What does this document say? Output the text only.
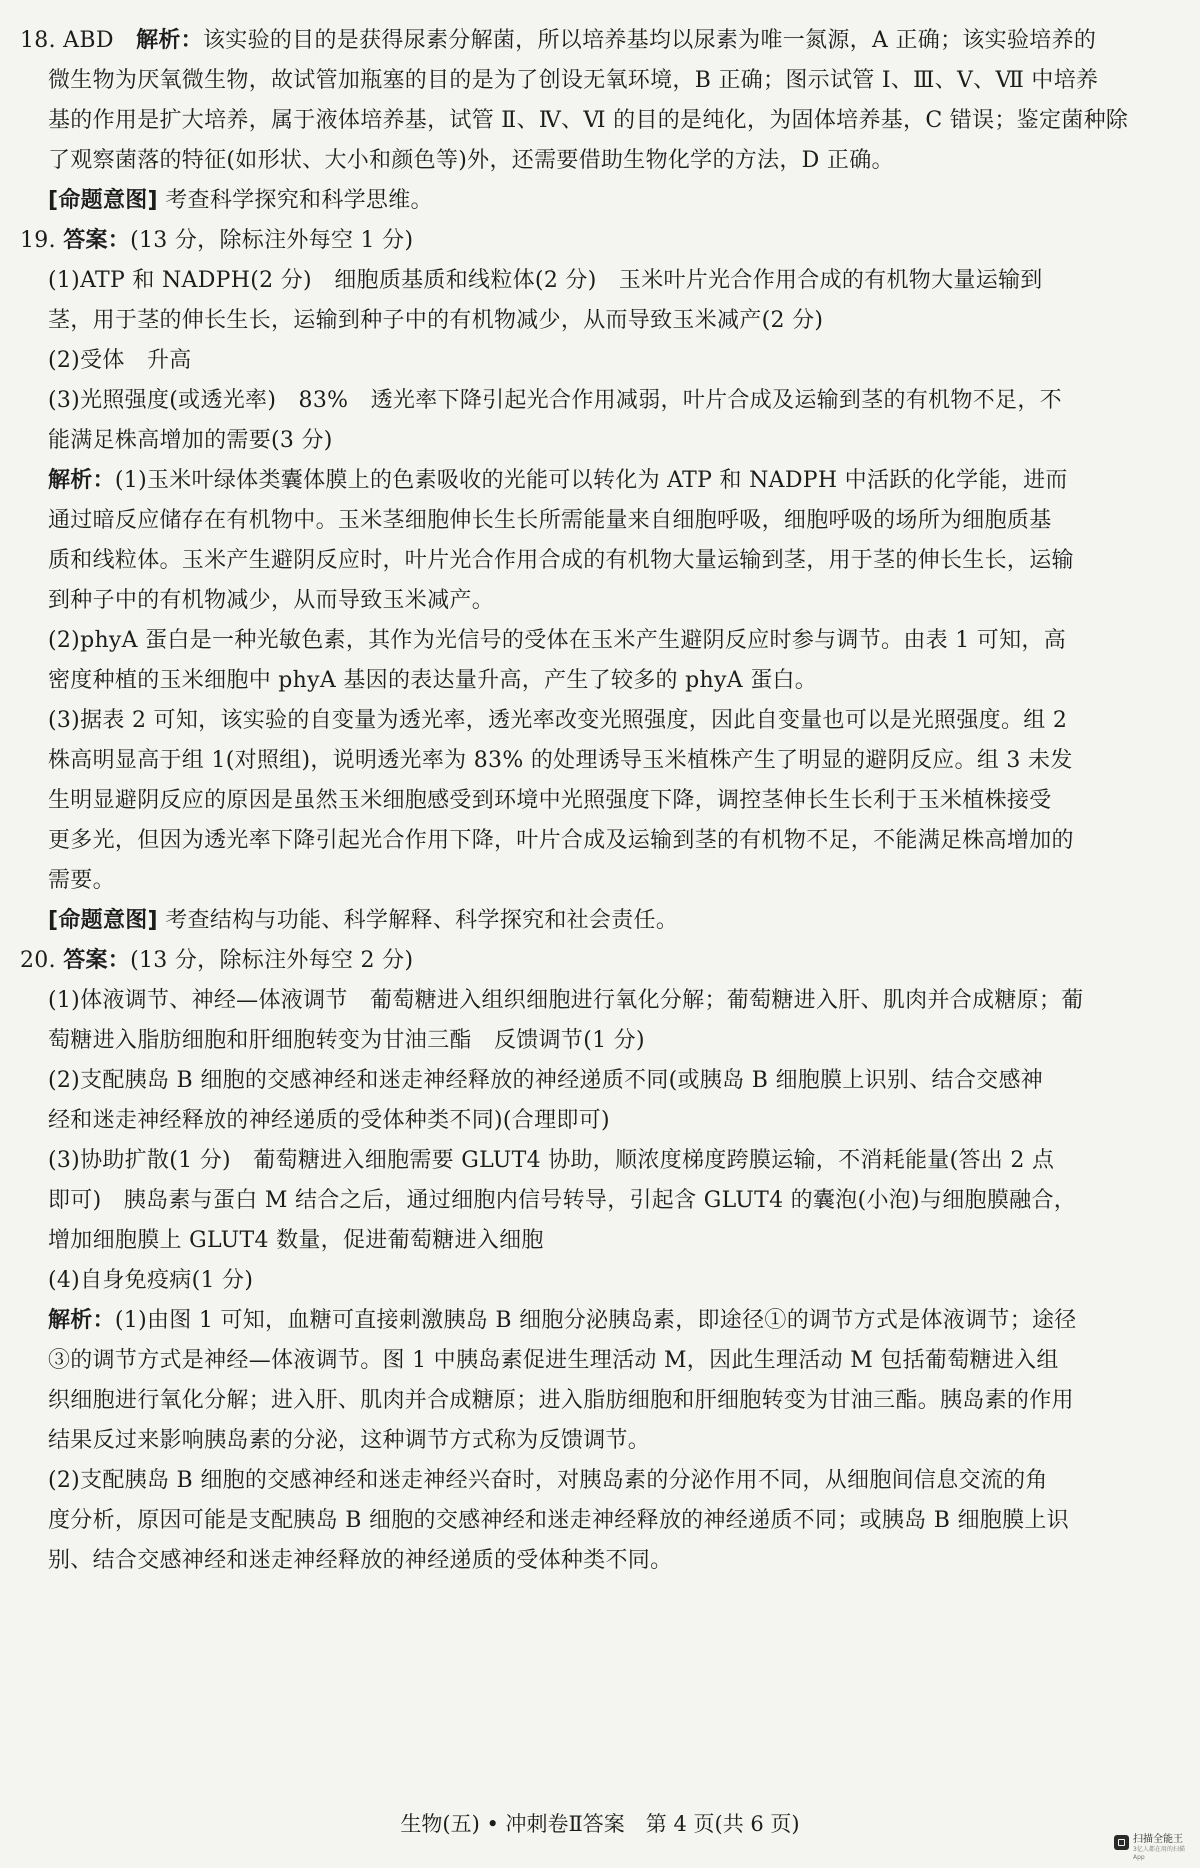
18. ABD　解析：该实验的目的是获得尿素分解菌，所以培养基均以尿素为唯一氮源，A 正确；该实验培养的
微生物为厌氧微生物，故试管加瓶塞的目的是为了创设无氧环境，B 正确；图示试管 Ⅰ、Ⅲ、Ⅴ、Ⅶ 中培养
基的作用是扩大培养，属于液体培养基，试管 Ⅱ、Ⅳ、Ⅵ 的目的是纯化，为固体培养基，C 错误；鉴定菌种除
了观察菌落的特征(如形状、大小和颜色等)外，还需要借助生物化学的方法，D 正确。
[命题意图] 考查科学探究和科学思维。
19. 答案：(13 分，除标注外每空 1 分)
(1)ATP 和 NADPH(2 分)　细胞质基质和线粒体(2 分)　玉米叶片光合作用合成的有机物大量运输到
茎，用于茎的伸长生长，运输到种子中的有机物减少，从而导致玉米减产(2 分)
(2)受体　升高
(3)光照强度(或透光率)　83%　透光率下降引起光合作用减弱，叶片合成及运输到茎的有机物不足，不
能满足株高增加的需要(3 分)
解析：(1)玉米叶绿体类囊体膜上的色素吸收的光能可以转化为 ATP 和 NADPH 中活跃的化学能，进而
通过暗反应储存在有机物中。玉米茎细胞伸长生长所需能量来自细胞呼吸，细胞呼吸的场所为细胞质基
质和线粒体。玉米产生避阴反应时，叶片光合作用合成的有机物大量运输到茎，用于茎的伸长生长，运输
到种子中的有机物减少，从而导致玉米减产。
(2)phyA 蛋白是一种光敏色素，其作为光信号的受体在玉米产生避阴反应时参与调节。由表 1 可知，高
密度种植的玉米细胞中 phyA 基因的表达量升高，产生了较多的 phyA 蛋白。
(3)据表 2 可知，该实验的自变量为透光率，透光率改变光照强度，因此自变量也可以是光照强度。组 2
株高明显高于组 1(对照组)，说明透光率为 83% 的处理诱导玉米植株产生了明显的避阴反应。组 3 未发
生明显避阴反应的原因是虽然玉米细胞感受到环境中光照强度下降，调控茎伸长生长利于玉米植株接受
更多光，但因为透光率下降引起光合作用下降，叶片合成及运输到茎的有机物不足，不能满足株高增加的
需要。
[命题意图] 考查结构与功能、科学解释、科学探究和社会责任。
20. 答案：(13 分，除标注外每空 2 分)
(1)体液调节、神经—体液调节　葡萄糖进入组织细胞进行氧化分解；葡萄糖进入肝、肌肉并合成糖原；葡
萄糖进入脂肪细胞和肝细胞转变为甘油三酯　反馈调节(1 分)
(2)支配胰岛 B 细胞的交感神经和迷走神经释放的神经递质不同(或胰岛 B 细胞膜上识别、结合交感神
经和迷走神经释放的神经递质的受体种类不同)(合理即可)
(3)协助扩散(1 分)　葡萄糖进入细胞需要 GLUT4 协助，顺浓度梯度跨膜运输，不消耗能量(答出 2 点
即可)　胰岛素与蛋白 M 结合之后，通过细胞内信号转导，引起含 GLUT4 的囊泡(小泡)与细胞膜融合，
增加细胞膜上 GLUT4 数量，促进葡萄糖进入细胞
(4)自身免疫病(1 分)
解析：(1)由图 1 可知，血糖可直接刺激胰岛 B 细胞分泌胰岛素，即途径①的调节方式是体液调节；途径
③的调节方式是神经—体液调节。图 1 中胰岛素促进生理活动 M，因此生理活动 M 包括葡萄糖进入组
织细胞进行氧化分解；进入肝、肌肉并合成糖原；进入脂肪细胞和肝细胞转变为甘油三酯。胰岛素的作用
结果反过来影响胰岛素的分泌，这种调节方式称为反馈调节。
(2)支配胰岛 B 细胞的交感神经和迷走神经兴奋时，对胰岛素的分泌作用不同，从细胞间信息交流的角
度分析，原因可能是支配胰岛 B 细胞的交感神经和迷走神经释放的神经递质不同；或胰岛 B 细胞膜上识
别、结合交感神经和迷走神经释放的神经递质的受体种类不同。
生物(五) • 冲刺卷Ⅱ答案　第 4 页(共 6 页)
扫描全能王
3亿人都在用的扫描App
